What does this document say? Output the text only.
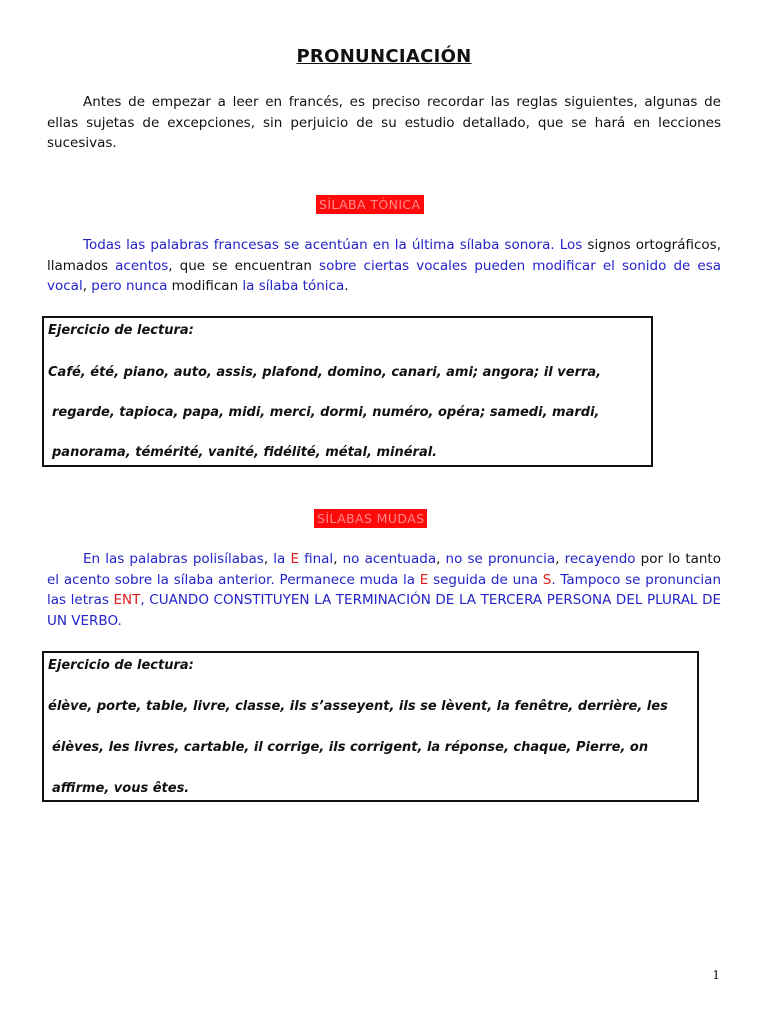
PRONUNCIACIÓN

Antes de empezar a leer en francés, es preciso recordar las reglas siguientes, algunas de ellas sujetas de excepciones, sin perjuicio de su estudio detallado, que se hará en lecciones sucesivas.

SÍLABA TÓNICA

Todas las palabras francesas se acentúan en la última sílaba sonora. Los signos ortográficos, llamados acentos, que se encuentran sobre ciertas vocales pueden modificar el sonido de esa vocal, pero nunca modifican la sílaba tónica.

Ejercicio de lectura:
Café, été, piano, auto, assis, plafond, domino, canari, ami; angora; il verra,
regarde, tapioca, papa, midi, merci, dormi, numéro, opéra; samedi, mardi,
panorama, témérité, vanité, fidélité, métal, minéral.
SÍLABAS MUDAS

En las palabras polisílabas, la E final, no acentuada, no se pronuncia, recayendo por lo tanto el acento sobre la sílaba anterior. Permanece muda la E seguida de una S. Tampoco se pronuncian las letras ENT, CUANDO CONSTITUYEN LA TERMINACIÓN DE LA TERCERA PERSONA DEL PLURAL DE UN VERBO.

Ejercicio de lectura:
élève, porte, table, livre, classe, ils s’asseyent, ils se lèvent, la fenêtre, derrière, les
élèves, les livres, cartable, il corrige, ils corrigent, la réponse, chaque, Pierre, on
affirme, vous êtes.
1
